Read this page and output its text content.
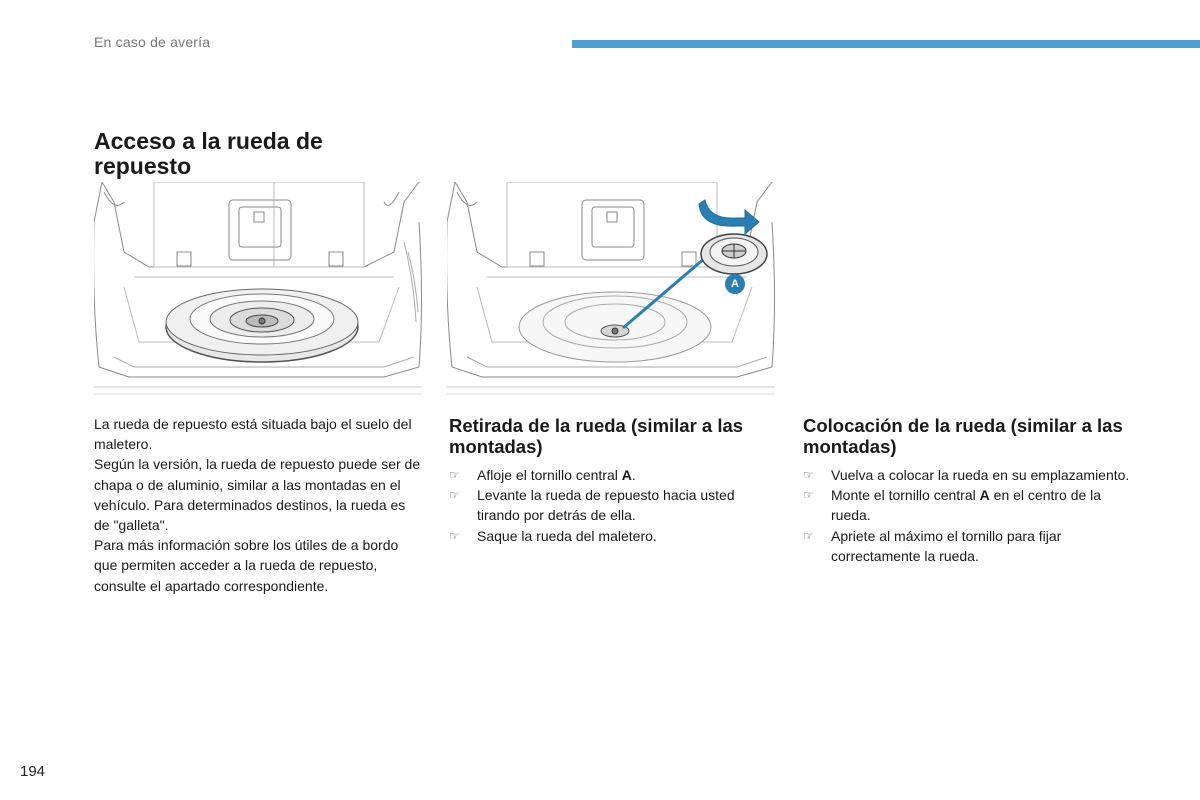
En caso de avería
Acceso a la rueda de repuesto
A

La rueda de repuesto está situada bajo el suelo del maletero.

Según la versión, la rueda de repuesto puede ser de chapa o de aluminio, similar a las montadas en el vehículo. Para determinados destinos, la rueda es de "galleta".

Para más información sobre los útiles de a bordo que permiten acceder a la rueda de repuesto, consulte el apartado correspondiente.

Retirada de la rueda (similar a las montadas)
☞ Afloje el tornillo central A.
☞ Levante la rueda de repuesto hacia usted tirando por detrás de ella.
☞ Saque la rueda del maletero.
Colocación de la rueda (similar a las montadas)
☞ Vuelva a colocar la rueda en su emplazamiento.
☞ Monte el tornillo central A en el centro de la rueda.
☞ Apriete al máximo el tornillo para fijar correctamente la rueda.
194
